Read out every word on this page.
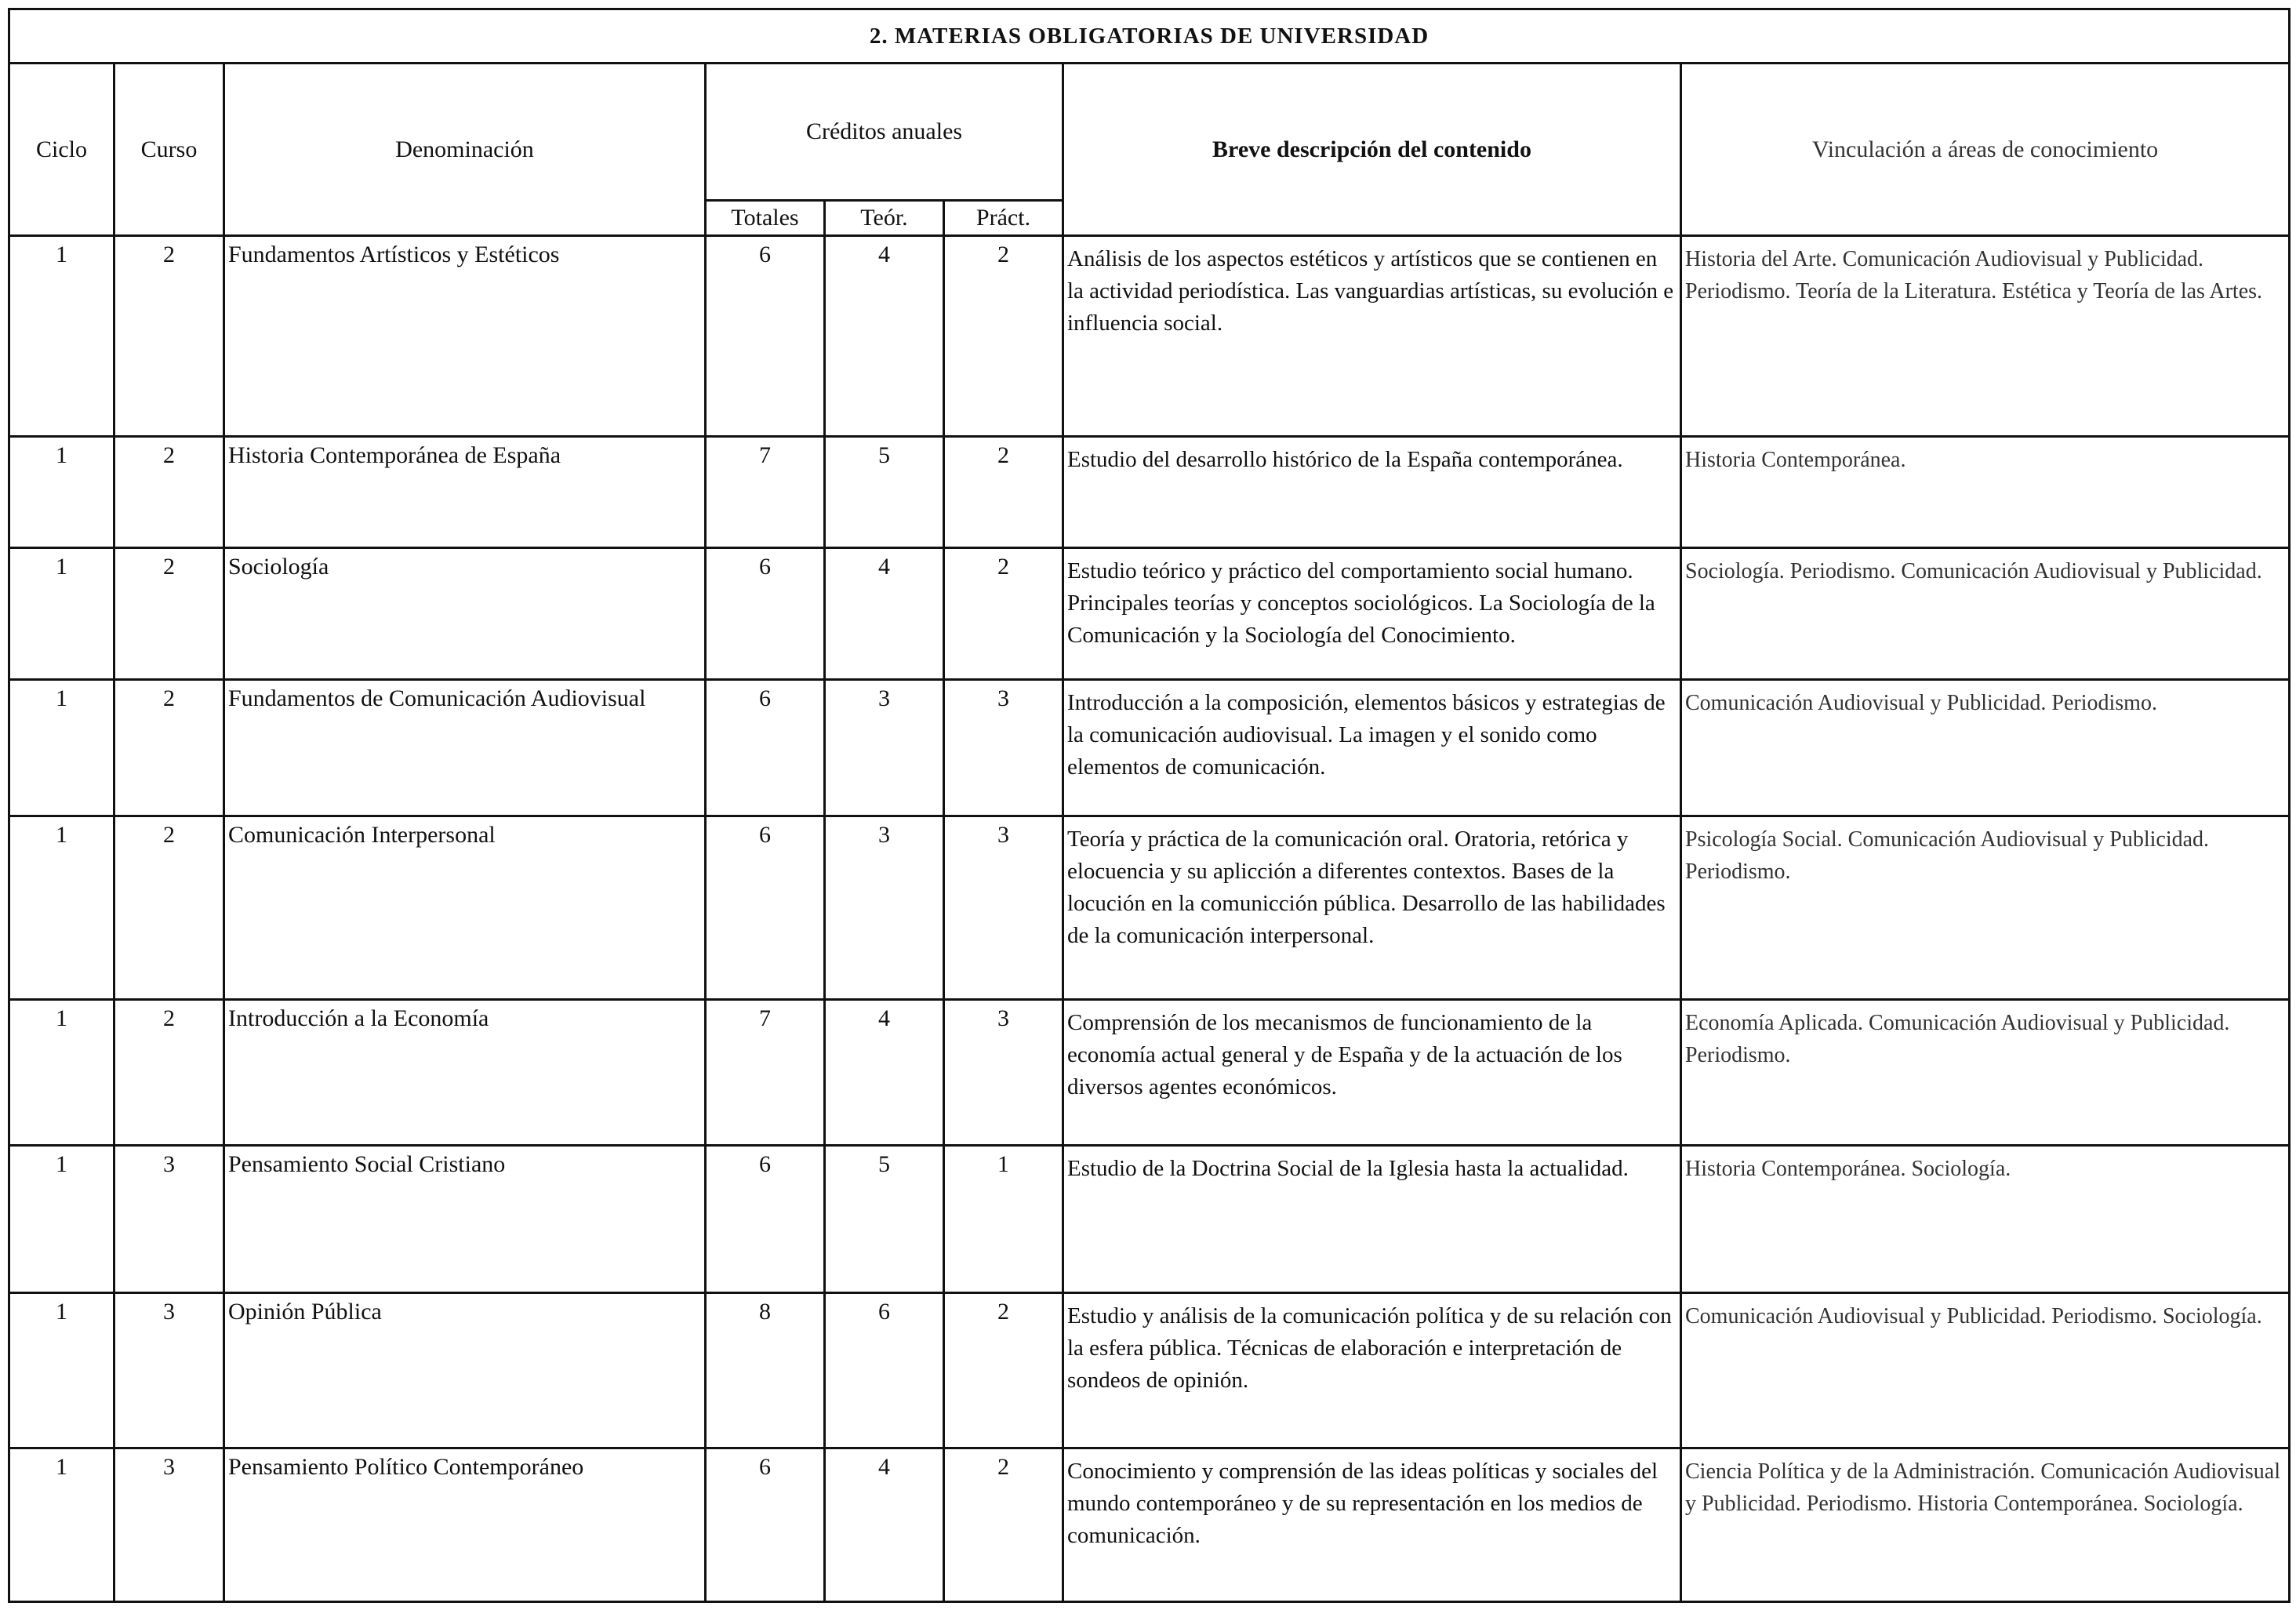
2. MATERIAS OBLIGATORIAS DE UNIVERSIDAD							
Ciclo	Curso	Denominación	Créditos anuales			Breve descripción del contenido	Vinculación a áreas de conocimiento
			Totales	Teór.	Práct.		
1	2	Fundamentos Artísticos y Estéticos	6	4	2	Análisis de los aspectos estéticos y artísticos que se contienen en la actividad periodística. Las vanguardias artísticas, su evolución e influencia social.	Historia del Arte. Comunicación Audiovisual y Publicidad. Periodismo. Teoría de la Literatura. Estética y Teoría de las Artes.
1	2	Historia Contemporánea de España	7	5	2	Estudio del desarrollo histórico de la España contemporánea.	Historia Contemporánea.
1	2	Sociología	6	4	2	Estudio teórico y práctico del comportamiento social humano. Principales teorías y conceptos sociológicos. La Sociología de la Comunicación y la Sociología del Conocimiento.	Sociología. Periodismo. Comunicación Audiovisual y Publicidad.
1	2	Fundamentos de Comunicación Audiovisual	6	3	3	Introducción a la composición, elementos básicos y estrategias de la comunicación audiovisual. La imagen y el sonido como elementos de comunicación.	Comunicación Audiovisual y Publicidad. Periodismo.
1	2	Comunicación Interpersonal	6	3	3	Teoría y práctica de la comunicación oral. Oratoria, retórica y elocuencia y su aplicción a diferentes contextos. Bases de la locución en la comunicción pública. Desarrollo de las habilidades de la comunicación interpersonal.	Psicología Social. Comunicación Audiovisual y Publicidad. Periodismo.
1	2	Introducción a la Economía	7	4	3	Comprensión de los mecanismos de funcionamiento de la economía actual general y de España y de la actuación de los diversos agentes económicos.	Economía Aplicada. Comunicación Audiovisual y Publicidad. Periodismo.
1	3	Pensamiento Social Cristiano	6	5	1	Estudio de la Doctrina Social de la Iglesia hasta la actualidad.	Historia Contemporánea. Sociología.
1	3	Opinión Pública	8	6	2	Estudio y análisis de la comunicación política y de su relación con la esfera pública. Técnicas de elaboración e interpretación de sondeos de opinión.	Comunicación Audiovisual y Publicidad. Periodismo. Sociología.
1	3	Pensamiento Político Contemporáneo	6	4	2	Conocimiento y comprensión de las ideas políticas y sociales del mundo contemporáneo y de su representación en los medios de comunicación.	Ciencia Política y de la Administración. Comunicación Audiovisual y Publicidad. Periodismo. Historia Contemporánea. Sociología.
